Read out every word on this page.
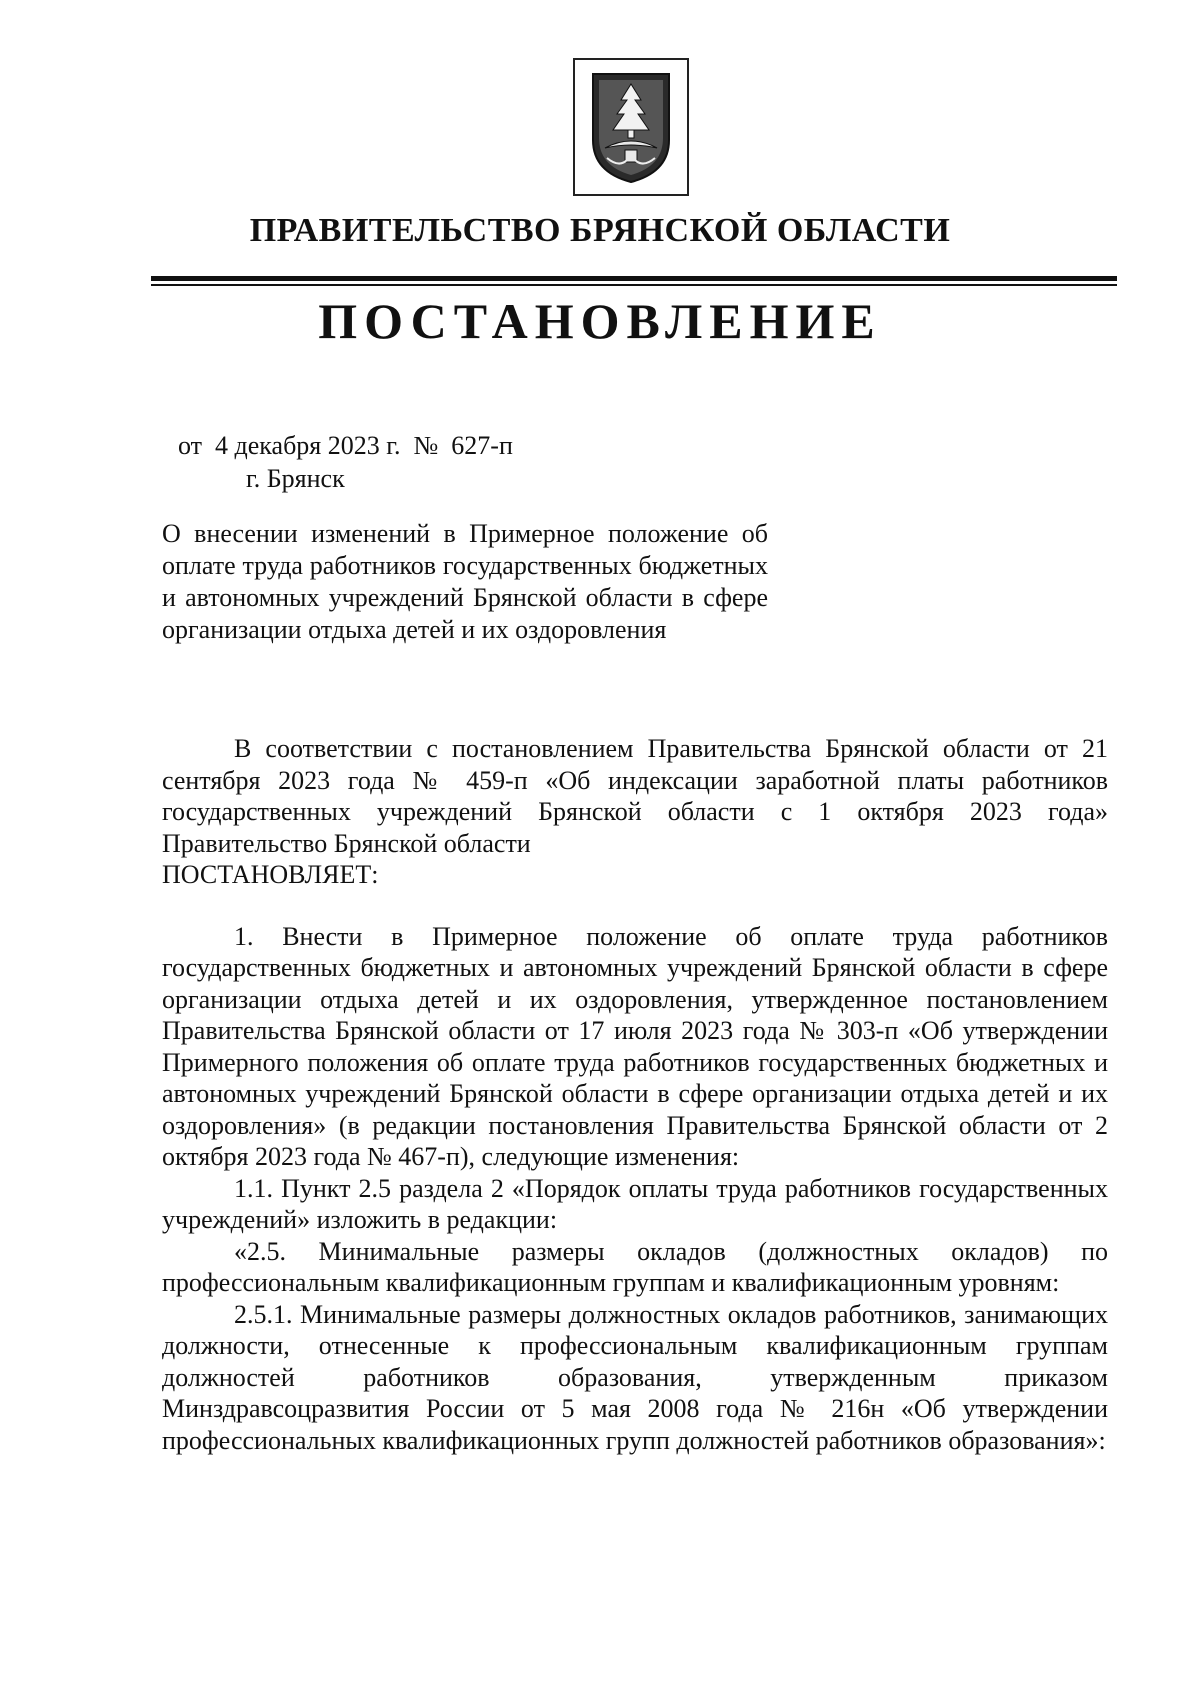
ПРАВИТЕЛЬСТВО БРЯНСКОЙ ОБЛАСТИ
ПОСТАНОВЛЕНИЕ
от  4 декабря 2023 г.  №  627-п
г. Брянск
О внесении изменений в Примерное положение об оплате труда работников государственных бюджетных и автономных учреждений Брянской области в сфере организации отдыха детей и их оздоровления

В соответствии с постановлением Правительства Брянской области от 21 сентября 2023 года № 459-п «Об индексации заработной платы работников государственных учреждений Брянской области с 1 октября 2023 года» Правительство Брянской области

ПОСТАНОВЛЯЕТ:

1. Внести в Примерное положение об оплате труда работников государственных бюджетных и автономных учреждений Брянской области в сфере организации отдыха детей и их оздоровления, утвержденное постановлением Правительства Брянской области от 17 июля 2023 года № 303-п «Об утверждении Примерного положения об оплате труда работников государственных бюджетных и автономных учреждений Брянской области в сфере организации отдыха детей и их оздоровления» (в редакции постановления Правительства Брянской области от 2 октября 2023 года № 467-п), следующие изменения:

1.1. Пункт 2.5 раздела 2 «Порядок оплаты труда работников государственных учреждений» изложить в редакции:

«2.5. Минимальные размеры окладов (должностных окладов) по профессиональным квалификационным группам и квалификационным уровням:

2.5.1. Минимальные размеры должностных окладов работников, занимающих должности, отнесенные к профессиональным квалификационным группам должностей работников образования, утвержденным приказом Минздравсоцразвития России от 5 мая 2008 года № 216н «Об утверждении профессиональных квалификационных групп должностей работников образования»:
